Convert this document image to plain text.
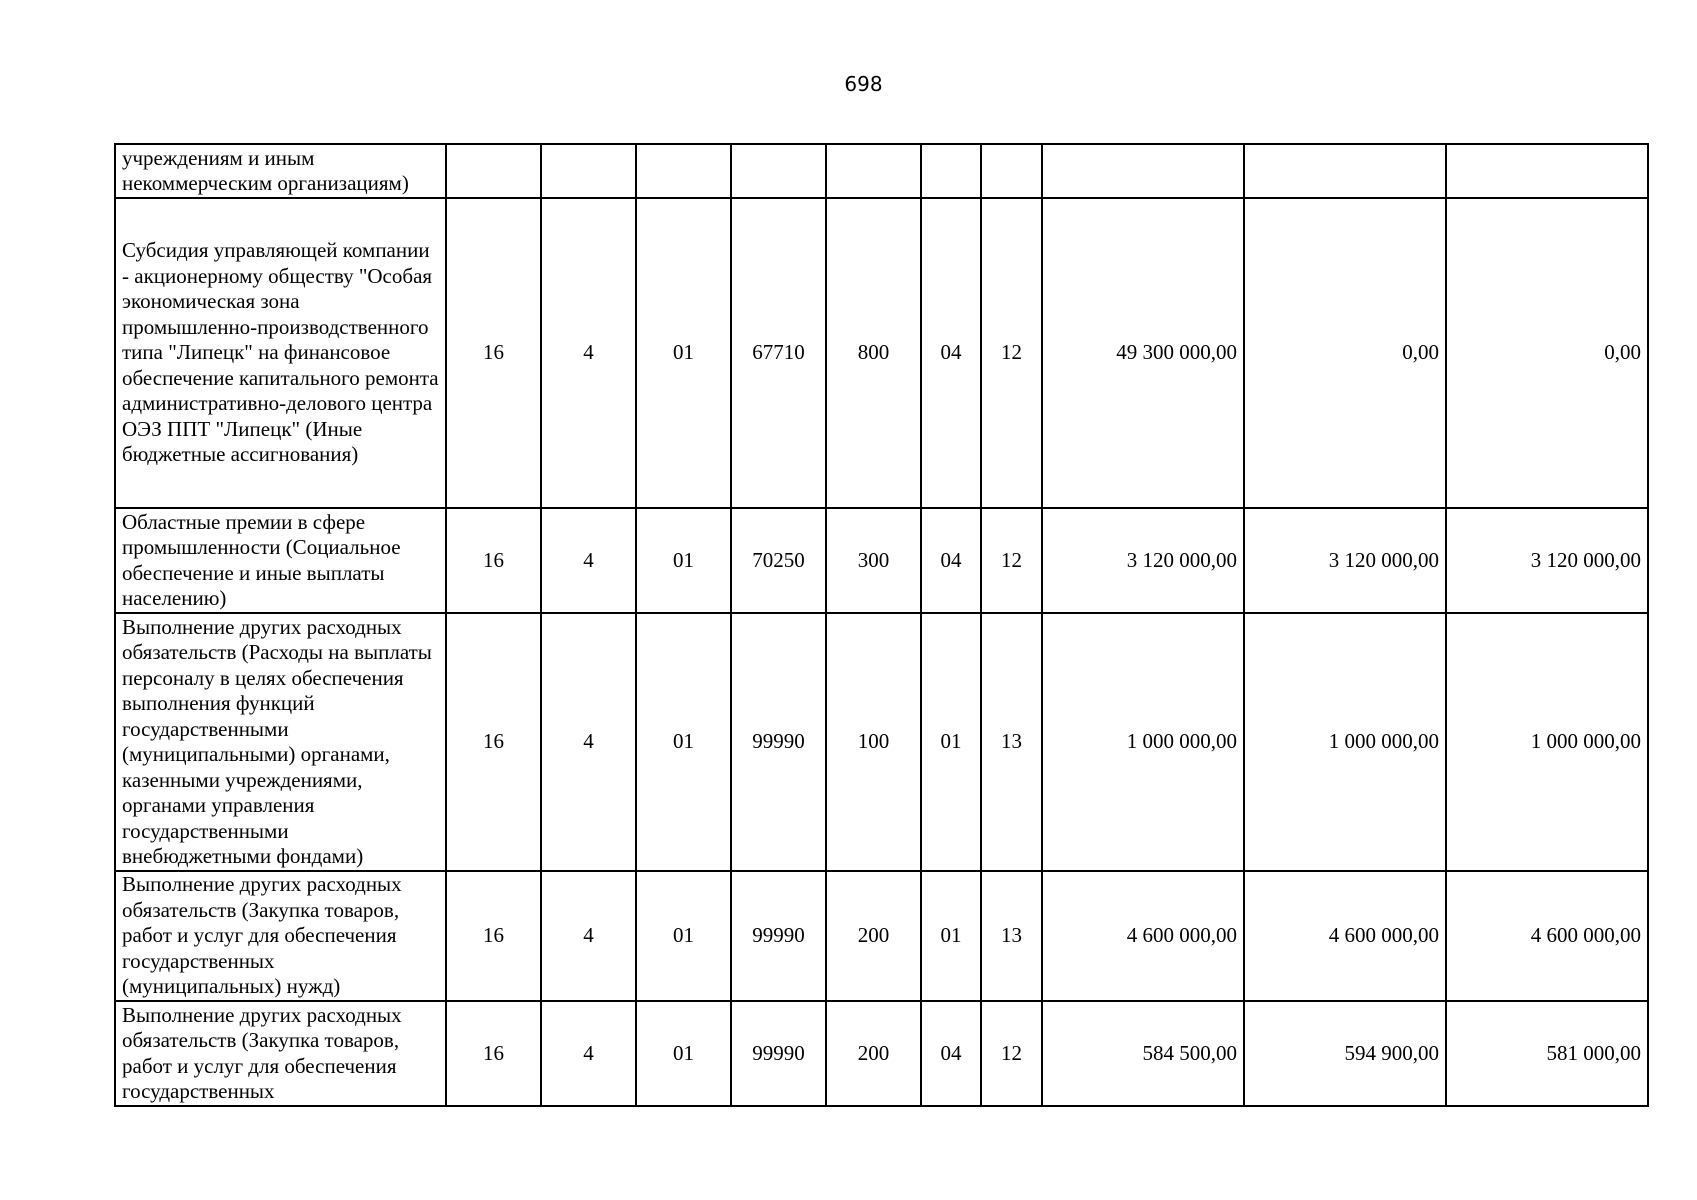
698
учреждениям и иным некоммерческим организациям)										
Субсидия управляющей компании - акционерному обществу "Особая экономическая зона промышленно-производственного типа "Липецк" на финансовое обеспечение капитального ремонта административно-делового центра ОЭЗ ППТ "Липецк" (Иные бюджетные ассигнования)	16	4	01	67710	800	04	12	49 300 000,00	0,00	0,00
Областные премии в сфере промышленности (Социальное обеспечение и иные выплаты населению)	16	4	01	70250	300	04	12	3 120 000,00	3 120 000,00	3 120 000,00
Выполнение других расходных обязательств (Расходы на выплаты персоналу в целях обеспечения выполнения функций государственными (муниципальными) органами, казенными учреждениями, органами управления государственными внебюджетными фондами)	16	4	01	99990	100	01	13	1 000 000,00	1 000 000,00	1 000 000,00
Выполнение других расходных обязательств (Закупка товаров, работ и услуг для обеспечения государственных (муниципальных) нужд)	16	4	01	99990	200	01	13	4 600 000,00	4 600 000,00	4 600 000,00
Выполнение других расходных обязательств (Закупка товаров, работ и услуг для обеспечения государственных	16	4	01	99990	200	04	12	584 500,00	594 900,00	581 000,00
